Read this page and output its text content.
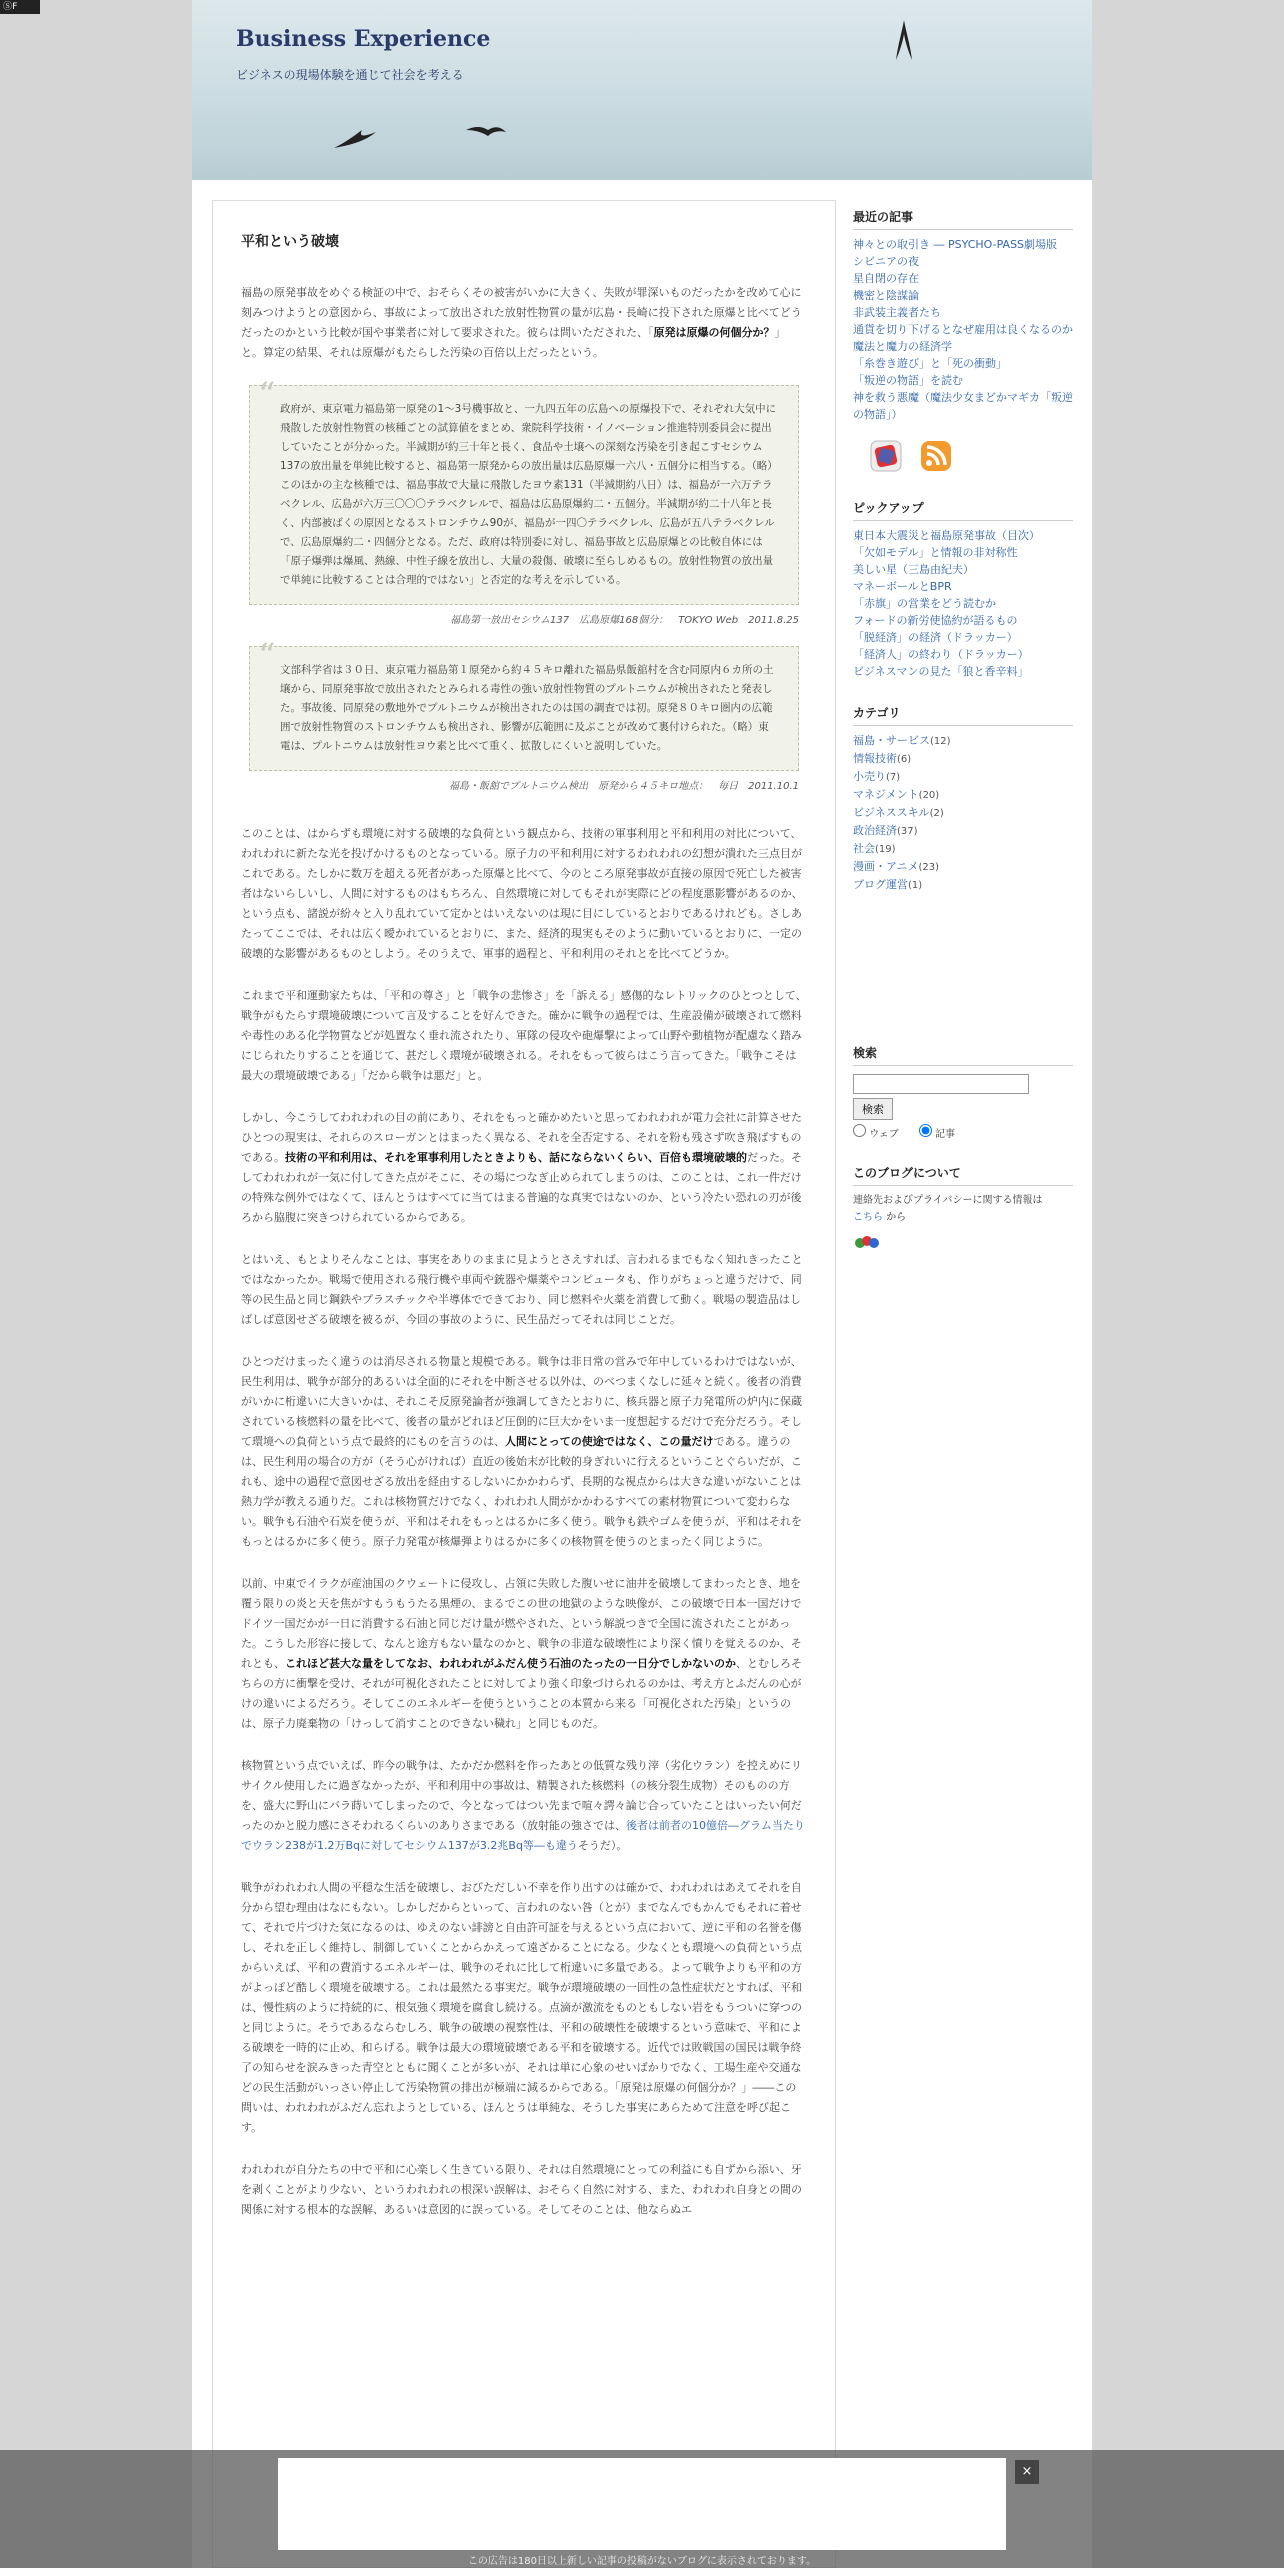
ⓈF
Business Experience
ビジネスの現場体験を通じて社会を考える
平和という破壊

福島の原発事故をめぐる検証の中で、おそらくその被害がいかに大きく、失敗が罪深いものだったかを改めて心に刻みつけようとの意図から、事故によって放出された放射性物質の量が広島・長崎に投下された原爆と比べてどうだったのかという比較が国や事業者に対して要求された。彼らは問いただされた、「原発は原爆の何個分か？」と。算定の結果、それは原爆がもたらした汚染の百倍以上だったという。

“ 政府が、東京電力福島第一原発の1～3号機事故と、一九四五年の広島への原爆投下で、それぞれ大気中に飛散した放射性物質の核種ごとの試算値をまとめ、衆院科学技術・イノベーション推進特別委員会に提出していたことが分かった。半減期が約三十年と長く、食品や土壌への深刻な汚染を引き起こすセシウム137の放出量を単純比較すると、福島第一原発からの放出量は広島原爆一六八・五個分に相当する。（略）このほかの主な核種では、福島事故で大量に飛散したヨウ素131（半減期約八日）は、福島が一六万テラベクレル、広島が六万三〇〇〇テラベクレルで、福島は広島原爆約二・五個分。半減期が約二十八年と長く、内部被ばくの原因となるストロンチウム90が、福島が一四〇テラベクレル、広島が五八テラベクレルで、広島原爆約二・四個分となる。ただ、政府は特別委に対し、福島事故と広島原爆との比較自体には「原子爆弾は爆風、熱線、中性子線を放出し、大量の殺傷、破壊に至らしめるもの。放射性物質の放出量で単純に比較することは合理的ではない」と否定的な考えを示している。
福島第一放出セシウム137　広島原爆168個分：　TOKYO Web　2011.8.25
“ 文部科学省は３０日、東京電力福島第１原発から約４５キロ離れた福島県飯舘村を含む同原内６カ所の土壌から、同原発事故で放出されたとみられる毒性の強い放射性物質のプルトニウムが検出されたと発表した。事故後、同原発の敷地外でプルトニウムが検出されたのは国の調査では初。原発８０キロ圏内の広範囲で放射性物質のストロンチウムも検出され、影響が広範囲に及ぶことが改めて裏付けられた。（略）東電は、プルトニウムは放射性ヨウ素と比べて重く、拡散しにくいと説明していた。
福島・飯舘でプルトニウム検出　原発から４５キロ地点：　毎日　2011.10.1

このことは、はからずも環境に対する破壊的な負荷という観点から、技術の軍事利用と平和利用の対比について、われわれに新たな光を投げかけるものとなっている。原子力の平和利用に対するわれわれの幻想が潰れた三点目がこれである。たしかに数万を超える死者があった原爆と比べて、今のところ原発事故が直接の原因で死亡した被害者はないらしいし、人間に対するものはもちろん、自然環境に対してもそれが実際にどの程度悪影響があるのか、という点も、諸説が紛々と入り乱れていて定かとはいえないのは現に目にしているとおりであるけれども。さしあたってここでは、それは広く曖かれているとおりに、また、経済的現実もそのように動いているとおりに、一定の破壊的な影響があるものとしよう。そのうえで、軍事的過程と、平和利用のそれとを比べてどうか。

これまで平和運動家たちは、「平和の尊さ」と「戦争の悲惨さ」を「訴える」感傷的なレトリックのひとつとして、戦争がもたらす環境破壊について言及することを好んできた。確かに戦争の過程では、生産設備が破壊されて燃料や毒性のある化学物質などが処置なく垂れ流されたり、軍隊の侵攻や砲爆撃によって山野や動植物が配慮なく踏みにじられたりすることを通じて、甚だしく環境が破壊される。それをもって彼らはこう言ってきた。「戦争こそは最大の環境破壊である」「だから戦争は悪だ」と。

しかし、今こうしてわれわれの目の前にあり、それをもっと確かめたいと思ってわれわれが電力会社に計算させたひとつの現実は、それらのスローガンとはまったく異なる、それを全否定する、それを粉も残さず吹き飛ばすものである。技術の平和利用は、それを軍事利用したときよりも、話にならないくらい、百倍も環境破壊的だった。そしてわれわれが一気に付してきた点がそこに、その場につなぎ止められてしまうのは、このことは、これ一件だけの特殊な例外ではなくて、ほんとうはすべてに当てはまる普遍的な真実ではないのか、という冷たい恐れの刃が後ろから脇腹に突きつけられているからである。

とはいえ、もとよりそんなことは、事実をありのままに見ようとさえすれば、言われるまでもなく知れきったことではなかったか。戦場で使用される飛行機や車両や銃器や爆薬やコンピュータも、作りがちょっと違うだけで、同等の民生品と同じ鋼鉄やプラスチックや半導体でできており、同じ燃料や火薬を消費して動く。戦場の製造品はしばしば意図せざる破壊を被るが、今回の事故のように、民生品だってそれは同じことだ。

ひとつだけまったく違うのは消尽される物量と規模である。戦争は非日常の営みで年中しているわけではないが、民生利用は、戦争が部分的あるいは全面的にそれを中断させる以外は、のべつまくなしに延々と続く。後者の消費がいかに桁違いに大きいかは、それこそ反原発論者が強調してきたとおりに、核兵器と原子力発電所の炉内に保蔵されている核燃料の量を比べて、後者の量がどれほど圧倒的に巨大かをいま一度想起するだけで充分だろう。そして環境への負荷という点で最終的にものを言うのは、人間にとっての使途ではなく、この量だけである。違うのは、民生利用の場合の方が（そう心がければ）直近の後始末が比較的身ぎれいに行えるということぐらいだが、これも、途中の過程で意図せざる放出を経由するしないにかかわらず、長期的な視点からは大きな違いがないことは熱力学が教える通りだ。これは核物質だけでなく、われわれ人間がかかわるすべての素材物質について変わらない。戦争も石油や石炭を使うが、平和はそれをもっとはるかに多く使う。戦争も鉄やゴムを使うが、平和はそれをもっとはるかに多く使う。原子力発電が核爆弾よりはるかに多くの核物質を使うのとまったく同じように。

以前、中東でイラクが産油国のクウェートに侵攻し、占領に失敗した腹いせに油井を破壊してまわったとき、地を覆う限りの炎と天を焦がすもうもうたる黒煙の、まるでこの世の地獄のような映像が、この破壊で日本一国だけでドイツ一国だかが一日に消費する石油と同じだけ量が燃やされた、という解説つきで全国に流されたことがあった。こうした形容に接して、なんと途方もない量なのかと、戦争の非道な破壊性により深く憤りを覚えるのか、それとも、これほど甚大な量をしてなお、われわれがふだん使う石油のたったの一日分でしかないのか、とむしろそちらの方に衝撃を受け、それが可視化されたことに対してより強く印象づけられるのかは、考え方とふだんの心がけの違いによるだろう。そしてこのエネルギーを使うということの本質から来る「可視化された汚染」というのは、原子力廃棄物の「けっして消すことのできない穢れ」と同じものだ。

核物質という点でいえば、昨今の戦争は、たかだか燃料を作ったあとの低質な残り滓（劣化ウラン）を控えめにリサイクル使用したに過ぎなかったが、平和利用中の事故は、精製された核燃料（の核分裂生成物）そのものの方を、盛大に野山にバラ蒔いてしまったので、今となってはつい先まで喧々諤々論じ合っていたことはいったい何だったのかと脱力感にさそわれるくらいのありさまである（放射能の強さでは、後者は前者の10億倍―グラム当たりでウラン238が1.2万Bqに対してセシウム137が3.2兆Bq等―も違うそうだ）。

戦争がわれわれ人間の平穏な生活を破壊し、おびただしい不幸を作り出すのは確かで、われわれはあえてそれを自分から望む理由はなにもない。しかしだからといって、言われのない咎（とが）までなんでもかんでもそれに着せて、それで片づけた気になるのは、ゆえのない誹謗と自由許可証を与えるという点において、逆に平和の名誉を傷し、それを正しく維持し、制御していくことからかえって遠ざかることになる。少なくとも環境への負荷という点からいえば、平和の費消するエネルギーは、戦争のそれに比して桁違いに多量である。よって戦争よりも平和の方がよっぽど酷しく環境を破壊する。これは最然たる事実だ。戦争が環境破壊の一回性の急性症状だとすれば、平和は、慢性病のように持続的に、根気強く環境を腐食し続ける。点滴が激流をものともしない岩をもうついに穿つのと同じように。そうであるならむしろ、戦争の破壊の視察性は、平和の破壊性を破壊するという意味で、平和による破壊を一時的に止め、和らげる。戦争は最大の環境破壊である平和を破壊する。近代では敗戦国の国民は戦争終了の知らせを涙みきった青空とともに聞くことが多いが、それは単に心象のせいばかりでなく、工場生産や交通などの民生活動がいっさい停止して汚染物質の排出が極端に減るからである。「原発は原爆の何個分か？」――この問いは、われわれがふだん忘れようとしている、ほんとうは単純な、そうした事実にあらためて注意を呼び起こす。

われわれが自分たちの中で平和に心楽しく生きている限り、それは自然環境にとっての利益にも自ずから添い、牙を剥くことがより少ない、というわれわれの根深い誤解は、おそらく自然に対する、また、われわれ自身との間の関係に対する根本的な誤解、あるいは意図的に誤っている。そしてそのことは、他ならぬエ

最近の記事
神々との取引き ― PSYCHO-PASS劇場版
シビニアの夜
星自閉の存在
機密と陰謀論
非武装主義者たち
通貨を切り下げるとなぜ雇用は良くなるのか
魔法と魔力の経済学
「糸巻き遊び」と「死の衝動」
「叛逆の物語」を読む
神を救う悪魔（魔法少女まどかマギカ「叛逆の物語」）
ピックアップ
東日本大震災と福島原発事故（目次）
「欠如モデル」と情報の非対称性
美しい星（三島由紀夫）
マネーボールとBPR
「赤旗」の営業をどう読むか
フォードの新労使協約が語るもの
「脱経済」の経済（ドラッカー）
「経済人」の終わり（ドラッカー）
ビジネスマンの見た「狼と香辛料」
カテゴリ
福島・サービス(12)
情報技術(6)
小売り(7)
マネジメント(20)
ビジネススキル(2)
政治経済(37)
社会(19)
漫画・アニメ(23)
ブログ運営(1)
検索

検索
ウェブ	記事
このブログについて
連絡先およびプライバシーに関する情報は
こちら から
×
この広告は180日以上新しい記事の投稿がないブログに表示されております。
